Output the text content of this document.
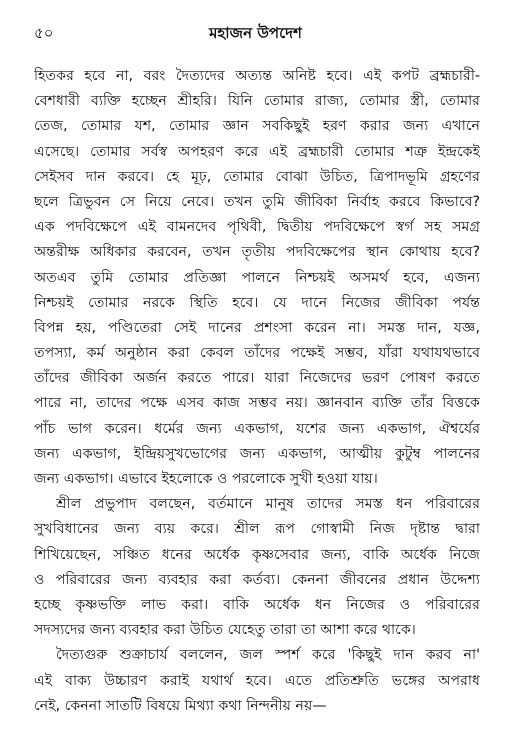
৫০	মহাজন উপদেশ
হিতকর হবে না, বরং দৈত্যদের অত্যন্ত অনিষ্ট হবে। এই কপট ব্রহ্মচারী-
বেশধারী ব্যক্তি হচ্ছেন শ্রীহরি। যিনি তোমার রাজ্য, তোমার স্ত্রী, তোমার
তেজ, তোমার যশ, তোমার জ্ঞান সবকিছুই হরণ করার জন্য এখানে
এসেছে। তোমার সর্বস্ব অপহরণ করে এই ব্রহ্মচারী তোমার শত্রু ইন্দ্রকেই
সেইসব দান করবে। হে মূঢ়, তোমার বোঝা উচিত, ত্রিপাদভূমি গ্রহণের
ছলে ত্রিভুবন সে নিয়ে নেবে। তখন তুমি জীবিকা নির্বাহ করবে কিভাবে?
এক পদবিক্ষেপে এই বামনদেব পৃথিবী, দ্বিতীয় পদবিক্ষেপে স্বর্গ সহ সমগ্র
অন্তরীক্ষ অধিকার করবেন, তখন তৃতীয় পদবিক্ষেপের স্থান কোথায় হবে?
অতএব তুমি তোমার প্রতিজ্ঞা পালনে নিশ্চয়ই অসমর্থ হবে, এজন্য
নিশ্চয়ই তোমার নরকে স্থিতি হবে। যে দানে নিজের জীবিকা পর্যন্ত
বিপন্ন হয়, পণ্ডিতেরা সেই দানের প্রশংসা করেন না। সমস্ত দান, যজ্ঞ,
তপস্যা, কর্ম অনুষ্ঠান করা কেবল তাঁদের পক্ষেই সম্ভব, যাঁরা যথাযথভাবে
তাঁদের জীবিকা অর্জন করতে পারে। যারা নিজেদের ভরণ পোষণ করতে
পারে না, তাদের পক্ষে এসব কাজ সম্ভব নয়। জ্ঞানবান ব্যক্তি তাঁর বিত্তকে
পাঁচ ভাগ করেন। ধর্মের জন্য একভাগ, যশের জন্য একভাগ, ঐশ্বর্যের
জন্য একভাগ, ইন্দ্রিয়সুখভোগের জন্য একভাগ, আত্মীয় কুটুম্ব পালনের
জন্য একভাগ। এভাবে ইহলোকে ও পরলোকে সুখী হওয়া যায়।
শ্রীল প্রভুপাদ বলছেন, বর্তমানে মানুষ তাদের সমস্ত ধন পরিবারের
সুখবিধানের জন্য ব্যয় করে। শ্রীল রূপ গোস্বামী নিজ দৃষ্টান্ত দ্বারা
শিখিয়েছেন, সঞ্চিত ধনের অর্ধেক কৃষ্ণসেবার জন্য, বাকি অর্ধেক নিজে
ও পরিবারের জন্য ব্যবহার করা কর্তব্য। কেননা জীবনের প্রধান উদ্দেশ্য
হচ্ছে কৃষ্ণভক্তি লাভ করা। বাকি অর্ধেক ধন নিজের ও পরিবারের
সদস্যদের জন্য ব্যবহার করা উচিত যেহেতু তারা তা আশা করে থাকে।
দৈত্যগুরু শুক্রাচার্য বললেন, জল স্পর্শ করে 'কিছুই দান করব না'
এই বাক্য উচ্চারণ করাই যথার্থ হবে। এতে প্রতিশ্রুতি ভঙ্গের অপরাধ
নেই, কেননা সাতটি বিষয়ে মিথ্যা কথা নিন্দনীয় নয়—
